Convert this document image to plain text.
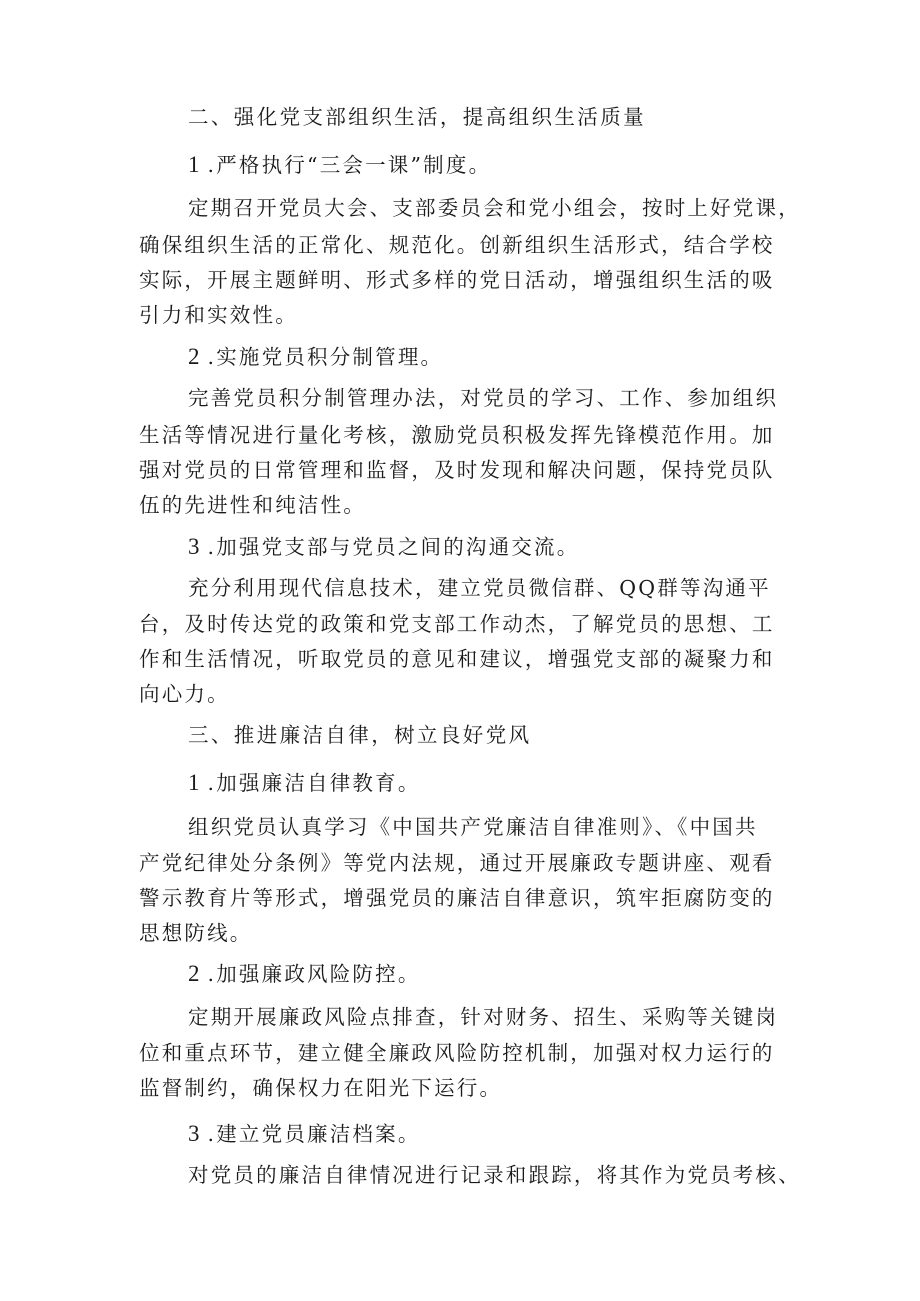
二、强化党支部组织生活，提高组织生活质量
1 .严格执行“三会一课”制度。
定期召开党员大会、支部委员会和党小组会，按时上好党课，
确保组织生活的正常化、规范化。创新组织生活形式，结合学校
实际，开展主题鲜明、形式多样的党日活动，增强组织生活的吸
引力和实效性。
2 .实施党员积分制管理。
完善党员积分制管理办法，对党员的学习、工作、参加组织
生活等情况进行量化考核，激励党员积极发挥先锋模范作用。加
强对党员的日常管理和监督，及时发现和解决问题，保持党员队
伍的先进性和纯洁性。
3 .加强党支部与党员之间的沟通交流。
充分利用现代信息技术，建立党员微信群、QQ群等沟通平
台，及时传达党的政策和党支部工作动杰，了解党员的思想、工
作和生活情况，听取党员的意见和建议，增强党支部的凝聚力和
向心力。
三、推进廉洁自律，树立良好党风
1 .加强廉洁自律教育。
组织党员认真学习《中国共产党廉洁自律准则》、《中国共
产党纪律处分条例》等党内法规，通过开展廉政专题讲座、观看
警示教育片等形式，增强党员的廉洁自律意识，筑牢拒腐防变的
思想防线。
2 .加强廉政风险防控。
定期开展廉政风险点排查，针对财务、招生、采购等关键岗
位和重点环节，建立健全廉政风险防控机制，加强对权力运行的
监督制约，确保权力在阳光下运行。
3 .建立党员廉洁档案。
对党员的廉洁自律情况进行记录和跟踪，将其作为党员考核、
